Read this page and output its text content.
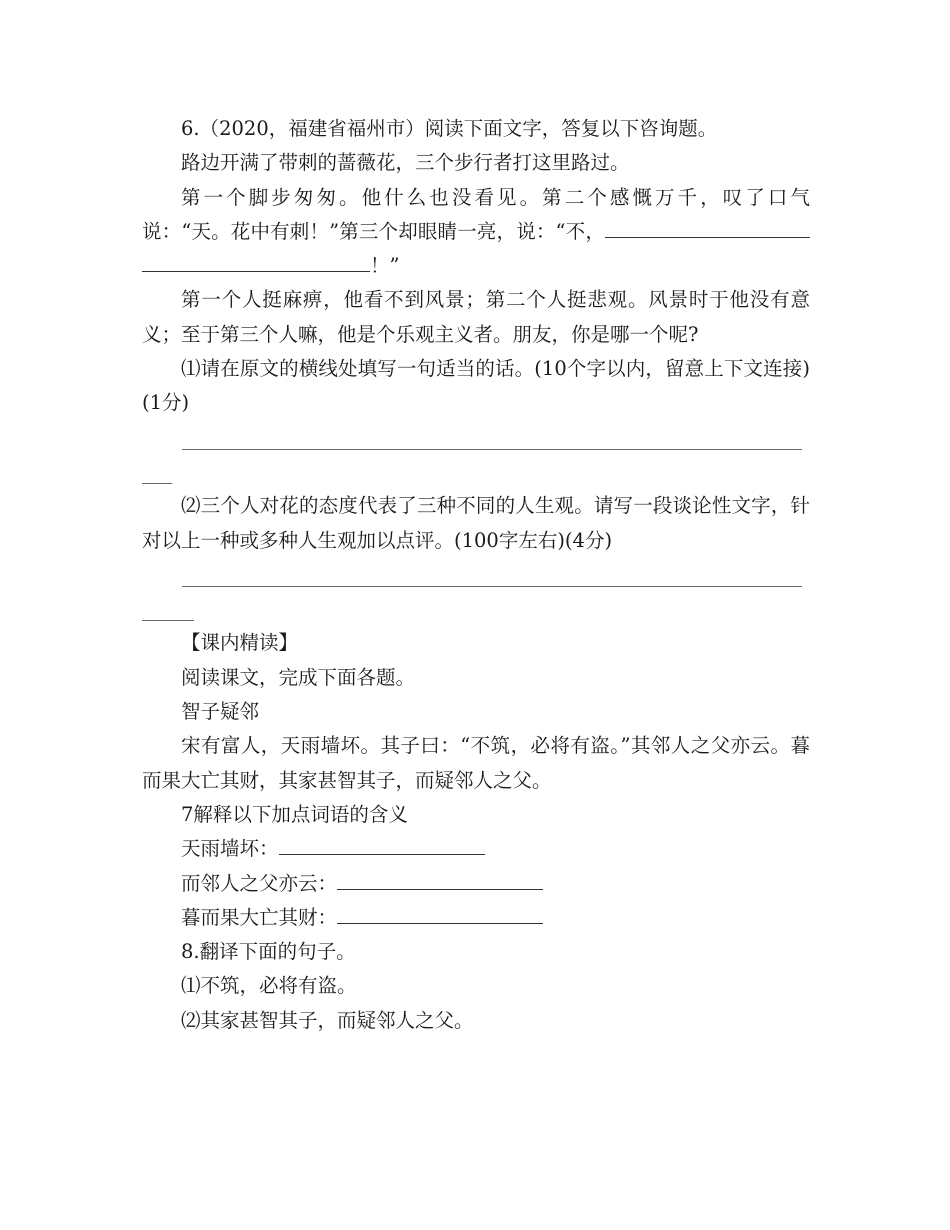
6.（2020，福建省福州市）阅读下面文字，答复以下咨询题。

路边开满了带刺的蔷薇花，三个步行者打这里路过。

第一个脚步匆匆。他什么也没看见。第二个感慨万千，叹了口气说：“天。花中有刺！”第三个却眼睛一亮，说：“不，！”

第一个人挺麻痹，他看不到风景；第二个人挺悲观。风景时于他没有意义；至于第三个人嘛，他是个乐观主义者。朋友，你是哪一个呢?

⑴请在原文的横线处填写一句适当的话。(10个字以内，留意上下文连接)(1分)

⑵三个人对花的态度代表了三种不同的人生观。请写一段谈论性文字，针对以上一种或多种人生观加以点评。(100字左右)(4分)

【课内精读】

阅读课文，完成下面各题。

智子疑邻

宋有富人，天雨墙坏。其子曰：“不筑，必将有盗。”其邻人之父亦云。暮而果大亡其财，其家甚智其子，而疑邻人之父。

7解释以下加点词语的含义

天雨墙坏：

而邻人之父亦云：

暮而果大亡其财：

8.翻译下面的句子。

⑴不筑，必将有盗。

⑵其家甚智其子，而疑邻人之父。
